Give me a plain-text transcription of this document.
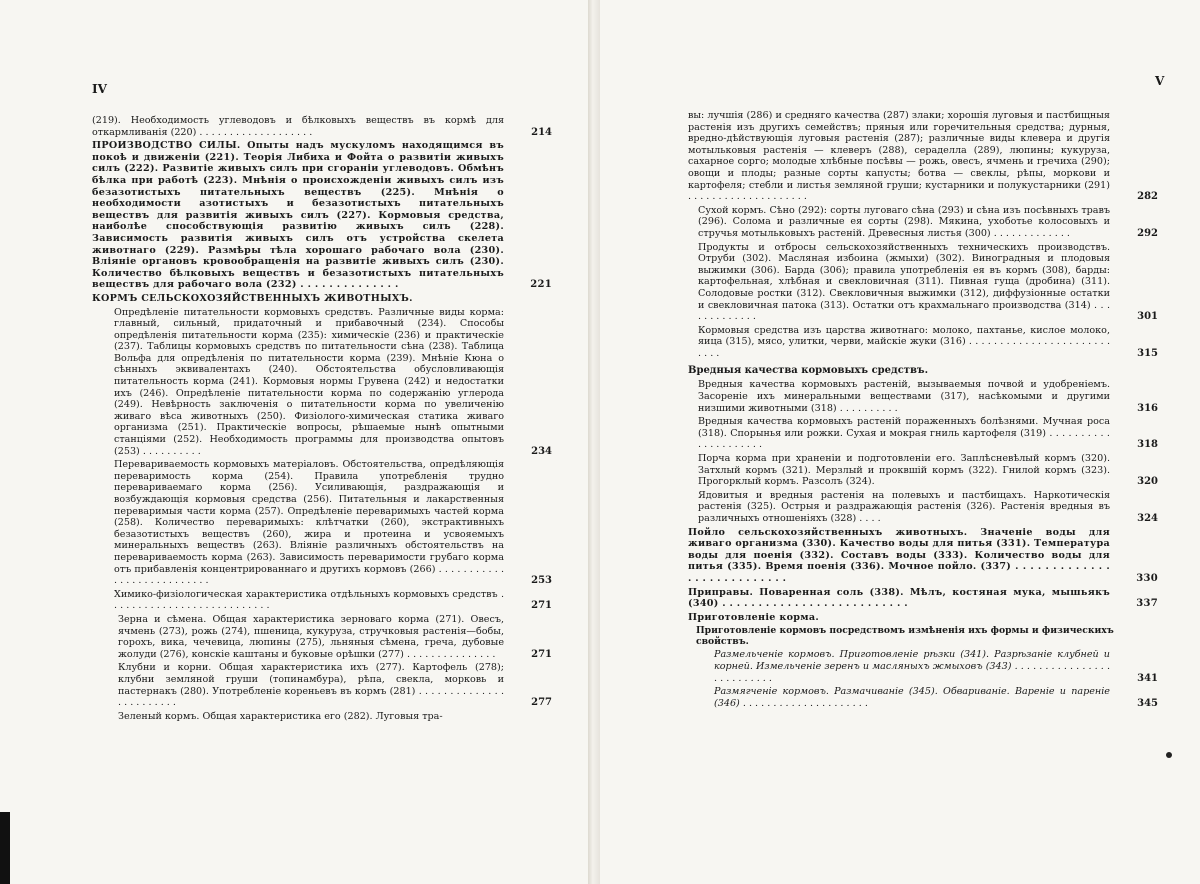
IV
(219). Необходимость углеводовъ и бѣлковыхъ веществъ въ кормѣ для откармливанія (220) . . . . . . . . . . . . . . . . . . .	214
ПРОИЗВОДСТВО СИЛЫ. Опыты надъ мускуломъ находящимся въ покоѣ и движеніи (221). Теорія Либиха и Фойта о развитіи живыхъ силъ (222). Развитіе живыхъ силъ при сгораніи углеводовъ. Обмѣнъ бѣлка при работѣ (223). Мнѣнія о происхожденіи живыхъ силъ изъ безазотистыхъ питательныхъ веществъ (225). Мнѣнія о необходимости азотистыхъ и безазотистыхъ питательныхъ веществъ для развитія живыхъ силъ (227). Кормовыя средства, наиболѣе способствующія развитію живыхъ силъ (228). Зависимость развитія живыхъ силъ отъ устройства скелета животнаго (229). Размѣры тѣла хорошаго рабочаго вола (230). Вліяніе органовъ кровообращенія на развитіе живыхъ силъ (230). Количество бѣлковыхъ веществъ и безазотистыхъ питательныхъ веществъ для рабочаго вола (232) . . . . . . . . . . . . . .	221
КОРМЪ СЕЛЬСКОХОЗЯЙСТВЕННЫХЪ ЖИВОТНЫХЪ.
Опредѣленіе питательности кормовыхъ средствъ. Различные виды корма: главный, сильный, придаточный и прибавочный (234). Способы опредѣленія питательности корма (235): химическіе (236) и практическіе (237). Таблицы кормовыхъ средствъ по питательности сѣна (238). Таблица Вольфа для опредѣленія по питательности корма (239). Мнѣніе Кюна о сѣнныхъ эквивалентахъ (240). Обстоятельства обусловливающія питательность корма (241). Кормовыя нормы Грувена (242) и недостатки ихъ (246). Опредѣленіе питательности корма по содержанію углерода (249). Невѣрность заключенія о питательности корма по увеличенію живаго вѣса животныхъ (250). Физіолого-химическая статика живаго организма (251). Практическіе вопросы, рѣшаемые нынѣ опытными станціями (252). Необходимость программы для производства опытовъ (253) . . . . . . . . . .	234
Перевариваемость кормовыхъ матеріаловъ. Обстоятельства, опредѣляющія переваримость корма (254). Правила употребленія трудно перевариваемаго корма (256). Усиливающія, раздражающія и возбуждающія кормовыя средства (256). Питательныя и лакарственныя переваримыя части корма (257). Опредѣленіе переваримыхъ частей корма (258). Количество переваримыхъ: клѣтчатки (260), экстрактивныхъ безазотистыхъ веществъ (260), жира и протеина и усвояемыхъ минеральныхъ веществъ (263). Вліяніе различныхъ обстоятельствъ на перевариваемость корма (263). Зависимость переваримости грубаго корма отъ прибавленія концентрированнаго и другихъ кормовъ (266) . . . . . . . . . . . . . . . . . . . . . . . . . . .	253
Химико-физіологическая характеристика отдѣльныхъ кормовыхъ средствъ . . . . . . . . . . . . . . . . . . . . . . . . . . .	271
Зерна и сѣмена. Общая характеристика зерноваго корма (271). Овесъ, ячмень (273), рожь (274), пшеница, кукуруза, стручковыя растенія—бобы, горохъ, вика, чечевица, люпины (275), льняныя сѣмена, греча, дубовые жолуди (276), конскіе каштаны и буковые орѣшки (277) . . . . . . . . . . . . . . .	271
Клубни и корни. Общая характеристика ихъ (277). Картофель (278); клубни земляной груши (топинамбура), рѣпа, свекла, морковь и пастернакъ (280). Употребленіе кореньевъ въ кормъ (281) . . . . . . . . . . . . . . . . . . . . . . . .	277
Зеленый кормъ. Общая характеристика его (282). Луговыя тра-
V
вы: лучшія (286) и средняго качества (287) злаки; хорошія луговыя и пастбищныя растенія изъ другихъ семействъ; пряныя или горечительныя средства; дурныя, вредно-дѣйствующія луговыя растенія (287); различные виды клевера и другія мотыльковыя растенія — клеверъ (288), сераделла (289), люпины; кукуруза, сахарное сорго; молодые хлѣбные посѣвы — рожь, овесъ, ячмень и гречиха (290); овощи и плоды; разные сорты капусты; ботва — свеклы, рѣпы, моркови и картофеля; стебли и листья земляной груши; кустарники и полукустарники (291) . . . . . . . . . . . . . . . . . . . .	282
Сухой кормъ. Сѣно (292): сорты луговаго сѣна (293) и сѣна изъ посѣвныхъ травъ (296). Солома и различные ея сорты (298). Мякина, ухоботье колосовыхъ и стручья мотыльковыхъ растеній. Древесныя листья (300) . . . . . . . . . . . . .	292
Продукты и отбросы сельскохозяйственныхъ техническихъ производствъ. Отруби (302). Масляная избоина (жмыхи) (302). Виноградныя и плодовыя выжимки (306). Барда (306); правила употребленія ея въ кормъ (308), барды: картофельная, хлѣбная и свекловичная (311). Пивная гуща (дробина) (311). Солодовые ростки (312). Свекловичныя выжимки (312), диффузіонные остатки и свекловичная патока (313). Остатки отъ крахмальнаго производства (314) . . . . . . . . . . . . .	301
Кормовыя средства изъ царства животнаго: молоко, пахтанье, кислое молоко, яица (315), мясо, улитки, черви, майскіе жуки (316) . . . . . . . . . . . . . . . . . . . . . . . . . . .	315
Вредныя качества кормовыхъ средствъ.
Вредныя качества кормовыхъ растеній, вызываемыя почвой и удобреніемъ. Засореніе ихъ минеральными веществами (317), насѣкомыми и другими низшими животными (318) . . . . . . . . . .	316
Вредныя качества кормовыхъ растеній пораженныхъ болѣзнями. Мучная роса (318). Спорынья или рожки. Сухая и мокрая гниль картофеля (319) . . . . . . . . . . . . . . . . . . . . .	318
Порча корма при храненіи и подготовленіи его. Заплѣсневѣлый кормъ (320). Затхлый кормъ (321). Мерзлый и проквшій кормъ (322). Гнилой кормъ (323). Прогорклый кормъ. Разсолъ (324).	320
Ядовитыя и вредныя растенія на полевыхъ и пастбищахъ. Наркотическія растенія (325). Острыя и раздражающія растенія (326). Растенія вредныя въ различныхъ отношеніяхъ (328) . . . .	324
Пойло сельскохозяйственныхъ животныхъ. Значеніе воды для живаго организма (330). Качество воды для питья (331). Температура воды для поенія (332). Составъ воды (333). Количество воды для питья (335). Время поенія (336). Мочное пойло. (337) . . . . . . . . . . . . . . . . . . . . . . . . . . .	330
Приправы. Поваренная соль (338). Мѣлъ, костяная мука, мышьякъ (340) . . . . . . . . . . . . . . . . . . . . . . . . . .	337
Приготовленіе корма.
Приготовленіе кормовъ посредствомъ измѣненія ихъ формы и физическихъ свойствъ.
Размельченіе кормовъ. Приготовленіе рѣзки (341). Разрѣзаніе клубней и корней. Измельченіе зеренъ и масляныхъ жмыховъ (343) . . . . . . . . . . . . . . . . . . . . . . . . . .	341
Размягченіе кормовъ. Размачиваніе (345). Обвариваніе. Вареніе и пареніе (346) . . . . . . . . . . . . . . . . . . . . .	345
